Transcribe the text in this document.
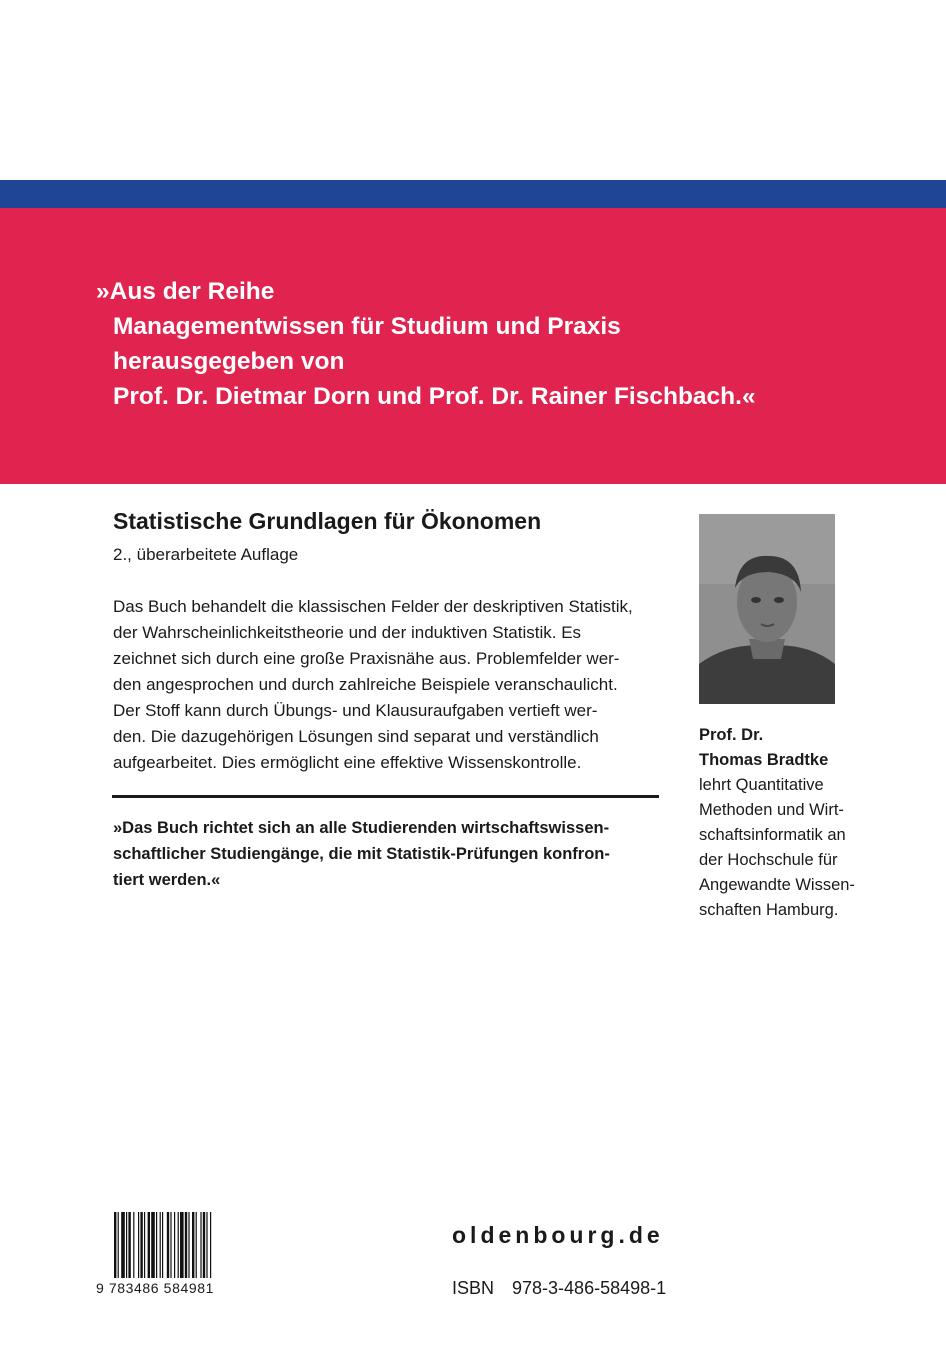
»Aus der Reihe
Managementwissen für Studium und Praxis
herausgegeben von
Prof. Dr. Dietmar Dorn und Prof. Dr. Rainer Fischbach.«
Statistische Grundlagen für Ökonomen
2., überarbeitete Auflage
Das Buch behandelt die klassischen Felder der deskriptiven Statistik,
der Wahrscheinlichkeitstheorie und der induktiven Statistik. Es
zeichnet sich durch eine große Praxisnähe aus. Problemfelder wer-
den angesprochen und durch zahlreiche Beispiele veranschaulicht.
Der Stoff kann durch Übungs- und Klausuraufgaben vertieft wer-
den. Die dazugehörigen Lösungen sind separat und verständlich
aufgearbeitet. Dies ermöglicht eine effektive Wissenskontrolle.
»Das Buch richtet sich an alle Studierenden wirtschaftswissen-
schaftlicher Studiengänge, die mit Statistik-Prüfungen konfron-
tiert werden.«
Prof. Dr.
Thomas Bradtke
lehrt Quantitative
Methoden und Wirt-
schaftsinformatik an
der Hochschule für
Angewandte Wissen-
schaften Hamburg.
9 783486 584981
oldenbourg.de
ISBN 978-3-486-58498-1
